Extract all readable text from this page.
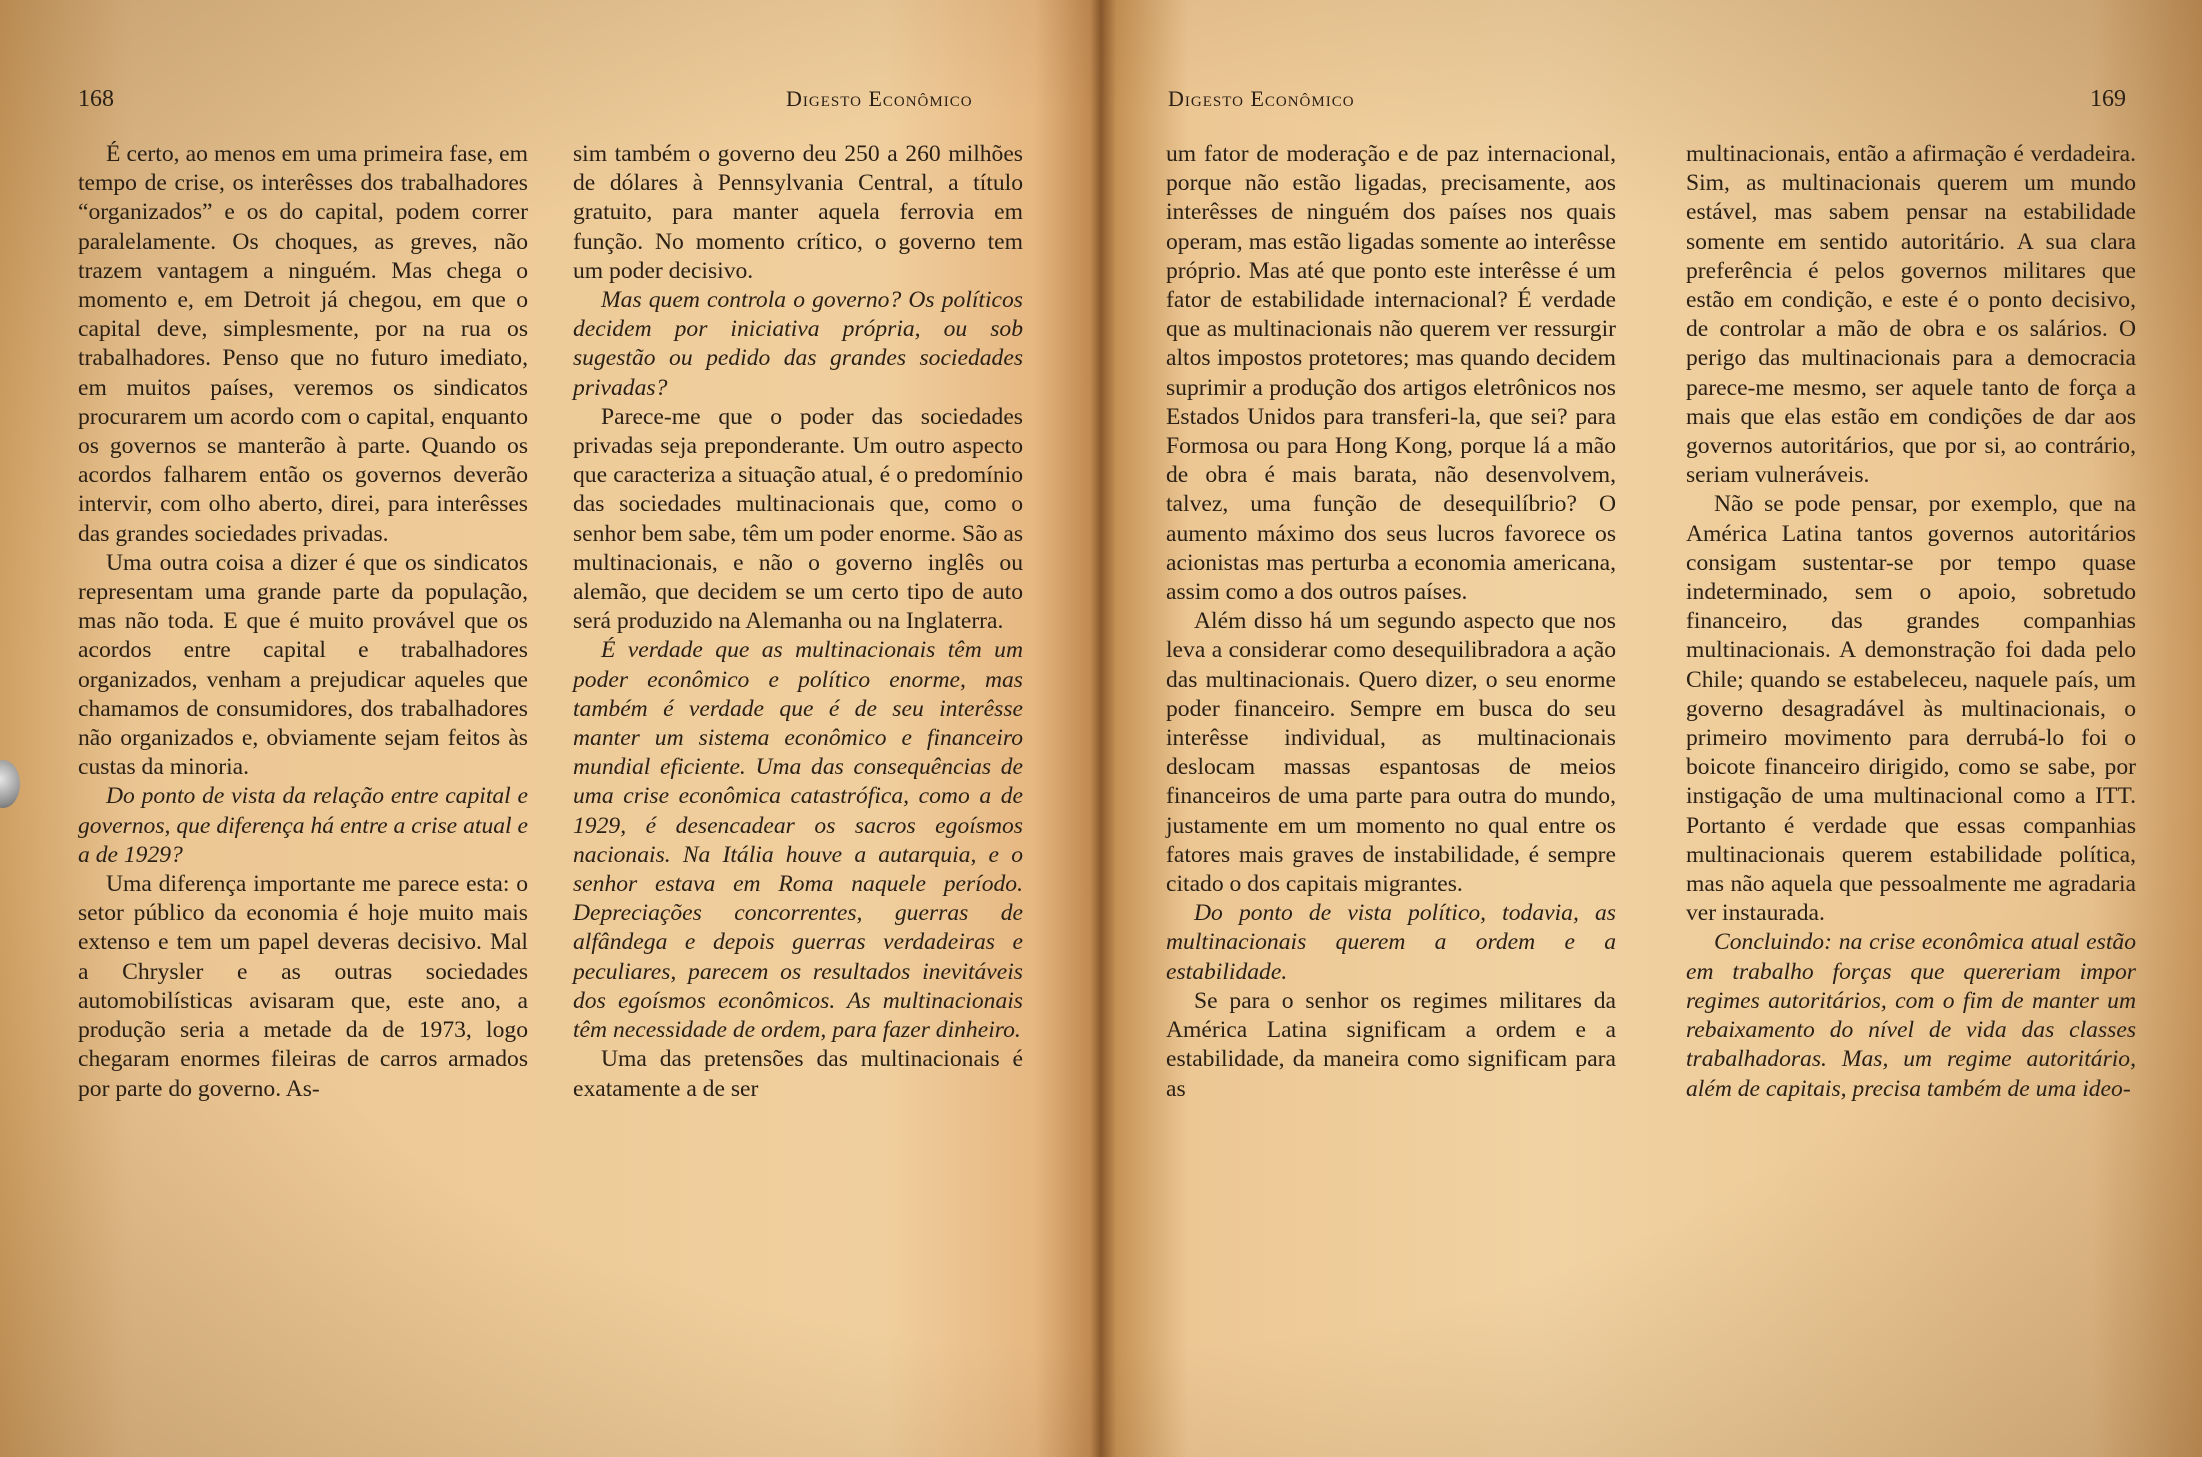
168	Digesto Econômico

É certo, ao menos em uma primeira fase, em tempo de crise, os interêsses dos trabalhadores “organizados” e os do capital, podem correr paralelamente. Os choques, as greves, não trazem vantagem a ninguém. Mas chega o momento e, em Detroit já chegou, em que o capital deve, simplesmente, por na rua os trabalhadores. Penso que no futuro imediato, em muitos países, veremos os sindicatos procurarem um acordo com o capital, enquanto os governos se manterão à parte. Quando os acordos falharem então os governos deverão intervir, com olho aberto, direi, para interêsses das grandes sociedades privadas.

Uma outra coisa a dizer é que os sindicatos representam uma grande parte da população, mas não toda. E que é muito provável que os acordos entre capital e trabalhadores organizados, venham a prejudicar aqueles que chamamos de consumidores, dos trabalhadores não organizados e, obviamente sejam feitos às custas da minoria.

Do ponto de vista da relação entre capital e governos, que diferença há entre a crise atual e a de 1929?

Uma diferença importante me parece esta: o setor público da economia é hoje muito mais extenso e tem um papel deveras decisivo. Mal a Chrysler e as outras sociedades automobilísticas avisaram que, este ano, a produção seria a metade da de 1973, logo chegaram enormes fileiras de carros armados por parte do governo. As-

sim também o governo deu 250 a 260 milhões de dólares à Pennsylvania Central, a título gratuito, para manter aquela ferrovia em função. No momento crítico, o governo tem um poder decisivo.

Mas quem controla o governo? Os políticos decidem por iniciativa própria, ou sob sugestão ou pedido das grandes sociedades privadas?

Parece-me que o poder das sociedades privadas seja preponderante. Um outro aspecto que caracteriza a situação atual, é o predomínio das sociedades multinacionais que, como o senhor bem sabe, têm um poder enorme. São as multinacionais, e não o governo inglês ou alemão, que decidem se um certo tipo de auto será produzido na Alemanha ou na Inglaterra.

É verdade que as multinacionais têm um poder econômico e político enorme, mas também é verdade que é de seu interêsse manter um sistema econômico e financeiro mundial eficiente. Uma das consequências de uma crise econômica catastrófica, como a de 1929, é desencadear os sacros egoísmos nacionais. Na Itália houve a autarquia, e o senhor estava em Roma naquele período. Depreciações concorrentes, guerras de alfândega e depois guerras verdadeiras e peculiares, parecem os resultados inevitáveis dos egoísmos econômicos. As multinacionais têm necessidade de ordem, para fazer dinheiro.

Uma das pretensões das multinacionais é exatamente a de ser

Digesto Econômico	169

um fator de moderação e de paz internacional, porque não estão ligadas, precisamente, aos interêsses de ninguém dos países nos quais operam, mas estão ligadas somente ao interêsse próprio. Mas até que ponto este interêsse é um fator de estabilidade internacional? É verdade que as multinacionais não querem ver ressurgir altos impostos protetores; mas quando decidem suprimir a produção dos artigos eletrônicos nos Estados Unidos para transferi-la, que sei? para Formosa ou para Hong Kong, porque lá a mão de obra é mais barata, não desenvolvem, talvez, uma função de desequilíbrio? O aumento máximo dos seus lucros favorece os acionistas mas perturba a economia americana, assim como a dos outros países.

Além disso há um segundo aspecto que nos leva a considerar como desequilibradora a ação das multinacionais. Quero dizer, o seu enorme poder financeiro. Sempre em busca do seu interêsse individual, as multinacionais deslocam massas espantosas de meios financeiros de uma parte para outra do mundo, justamente em um momento no qual entre os fatores mais graves de instabilidade, é sempre citado o dos capitais migrantes.

Do ponto de vista político, todavia, as multinacionais querem a ordem e a estabilidade.

Se para o senhor os regimes militares da América Latina significam a ordem e a estabilidade, da maneira como significam para as

multinacionais, então a afirmação é verdadeira. Sim, as multinacionais querem um mundo estável, mas sabem pensar na estabilidade somente em sentido autoritário. A sua clara preferência é pelos governos militares que estão em condição, e este é o ponto decisivo, de controlar a mão de obra e os salários. O perigo das multinacionais para a democracia parece-me mesmo, ser aquele tanto de força a mais que elas estão em condições de dar aos governos autoritários, que por si, ao contrário, seriam vulneráveis.

Não se pode pensar, por exemplo, que na América Latina tantos governos autoritários consigam sustentar-se por tempo quase indeterminado, sem o apoio, sobretudo financeiro, das grandes companhias multinacionais. A demonstração foi dada pelo Chile; quando se estabeleceu, naquele país, um governo desagradável às multinacionais, o primeiro movimento para derrubá-lo foi o boicote financeiro dirigido, como se sabe, por instigação de uma multinacional como a ITT. Portanto é verdade que essas companhias multinacionais querem estabilidade política, mas não aquela que pessoalmente me agradaria ver instaurada.

Concluindo: na crise econômica atual estão em trabalho forças que quereriam impor regimes autoritários, com o fim de manter um rebaixamento do nível de vida das classes trabalhadoras. Mas, um regime autoritário, além de capitais, precisa também de uma ideo-
